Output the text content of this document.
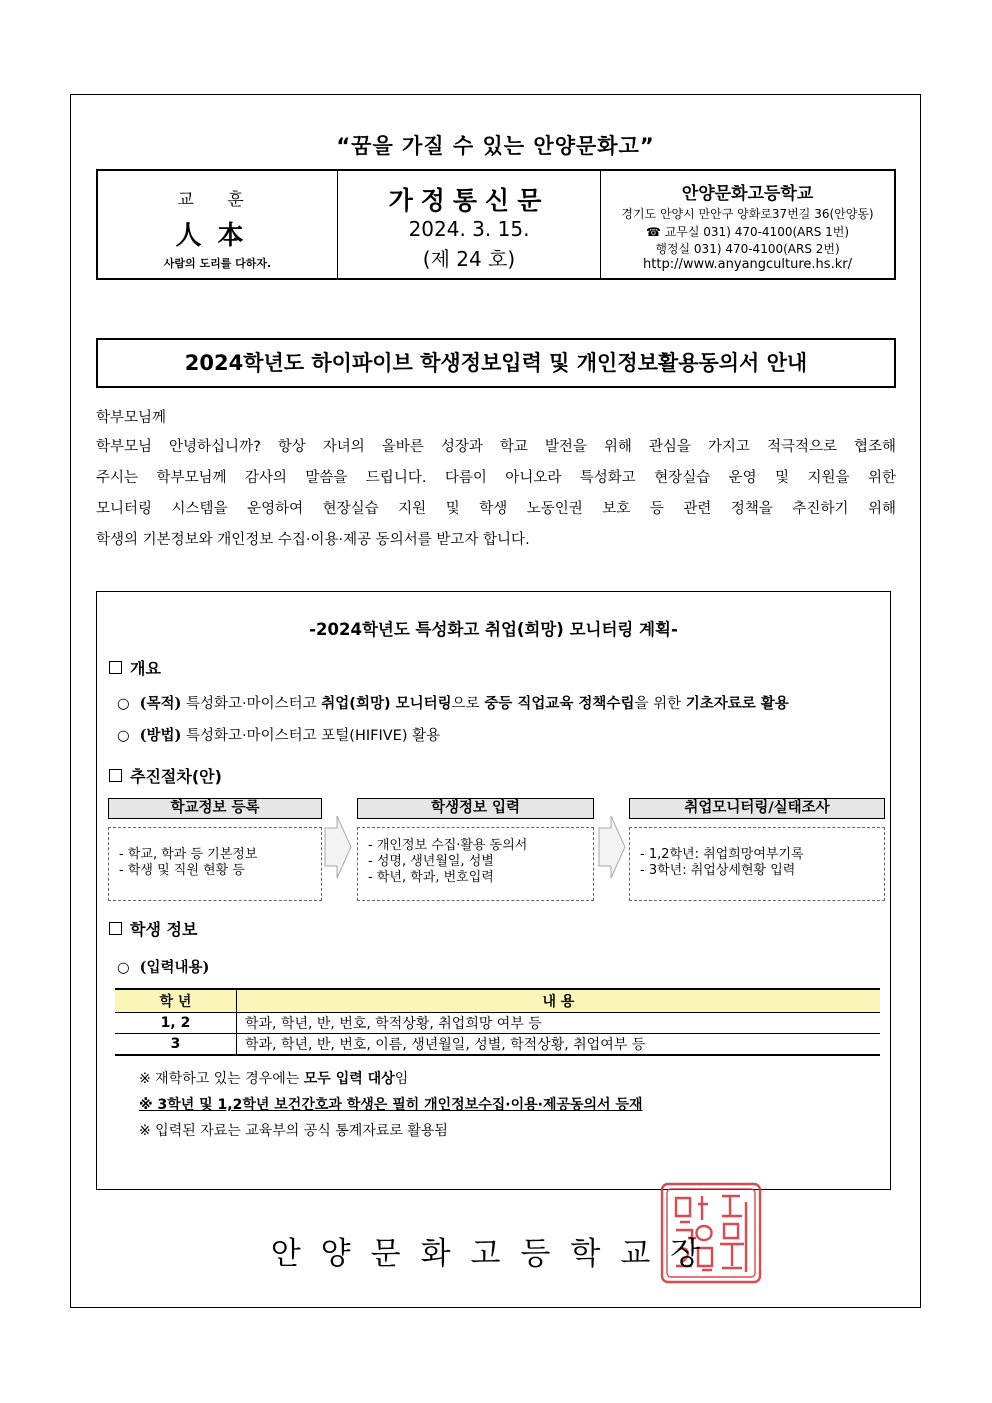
“꿈을 가질 수 있는 안양문화고”
교 훈
人本
사람의 도리를 다하자.
가정통신문
2024. 3. 15.
(제 24 호)
안양문화고등학교
경기도 안양시 만안구 양화로37번길 36(안양동)
☎ 교무실 031) 470-4100(ARS 1번)
행정실 031) 470-4100(ARS 2번)
http://www.anyangculture.hs.kr/
2024학년도 하이파이브 학생정보입력 및 개인정보활용동의서 안내
학부모님께
학부모님 안녕하십니까? 항상 자녀의 올바른 성장과 학교 발전을 위해 관심을 가지고 적극적으로 협조해
주시는 학부모님께 감사의 말씀을 드립니다. 다름이 아니오라 특성화고 현장실습 운영 및 지원을 위한
모니터링 시스템을 운영하여 현장실습 지원 및 학생 노동인권 보호 등 관련 정책을 추진하기 위해
학생의 기본정보와 개인정보 수집·이용·제공 동의서를 받고자 합니다.
-2024학년도 특성화고 취업(희망) 모니터링 계획-
개요
○ (목적) 특성화고·마이스터고 취업(희망) 모니터링으로 중등 직업교육 정책수립을 위한 기초자료로 활용
○ (방법) 특성화고·마이스터고 포털(HIFIVE) 활용
추진절차(안)
학교정보 등록
- 학교, 학과 등 기본정보
- 학생 및 직원 현황 등
학생정보 입력
- 개인정보 수집·활용 동의서
- 성명, 생년월일, 성별
- 학년, 학과, 번호입력
취업모니터링/실태조사
- 1,2학년: 취업희망여부기록
- 3학년: 취업상세현황 입력
학생 정보
○ (입력내용)
학 년	내 용
1, 2	학과, 학년, 반, 번호, 학적상황, 취업희망 여부 등
3	학과, 학년, 반, 번호, 이름, 생년월일, 성별, 학적상황, 취업여부 등
※ 재학하고 있는 경우에는 모두 입력 대상임
※ 3학년 및 1,2학년 보건간호과 학생은 필히 개인정보수집·이용·제공동의서 등재
※ 입력된 자료는 교육부의 공식 통계자료로 활용됨
안양문화고등학교장
